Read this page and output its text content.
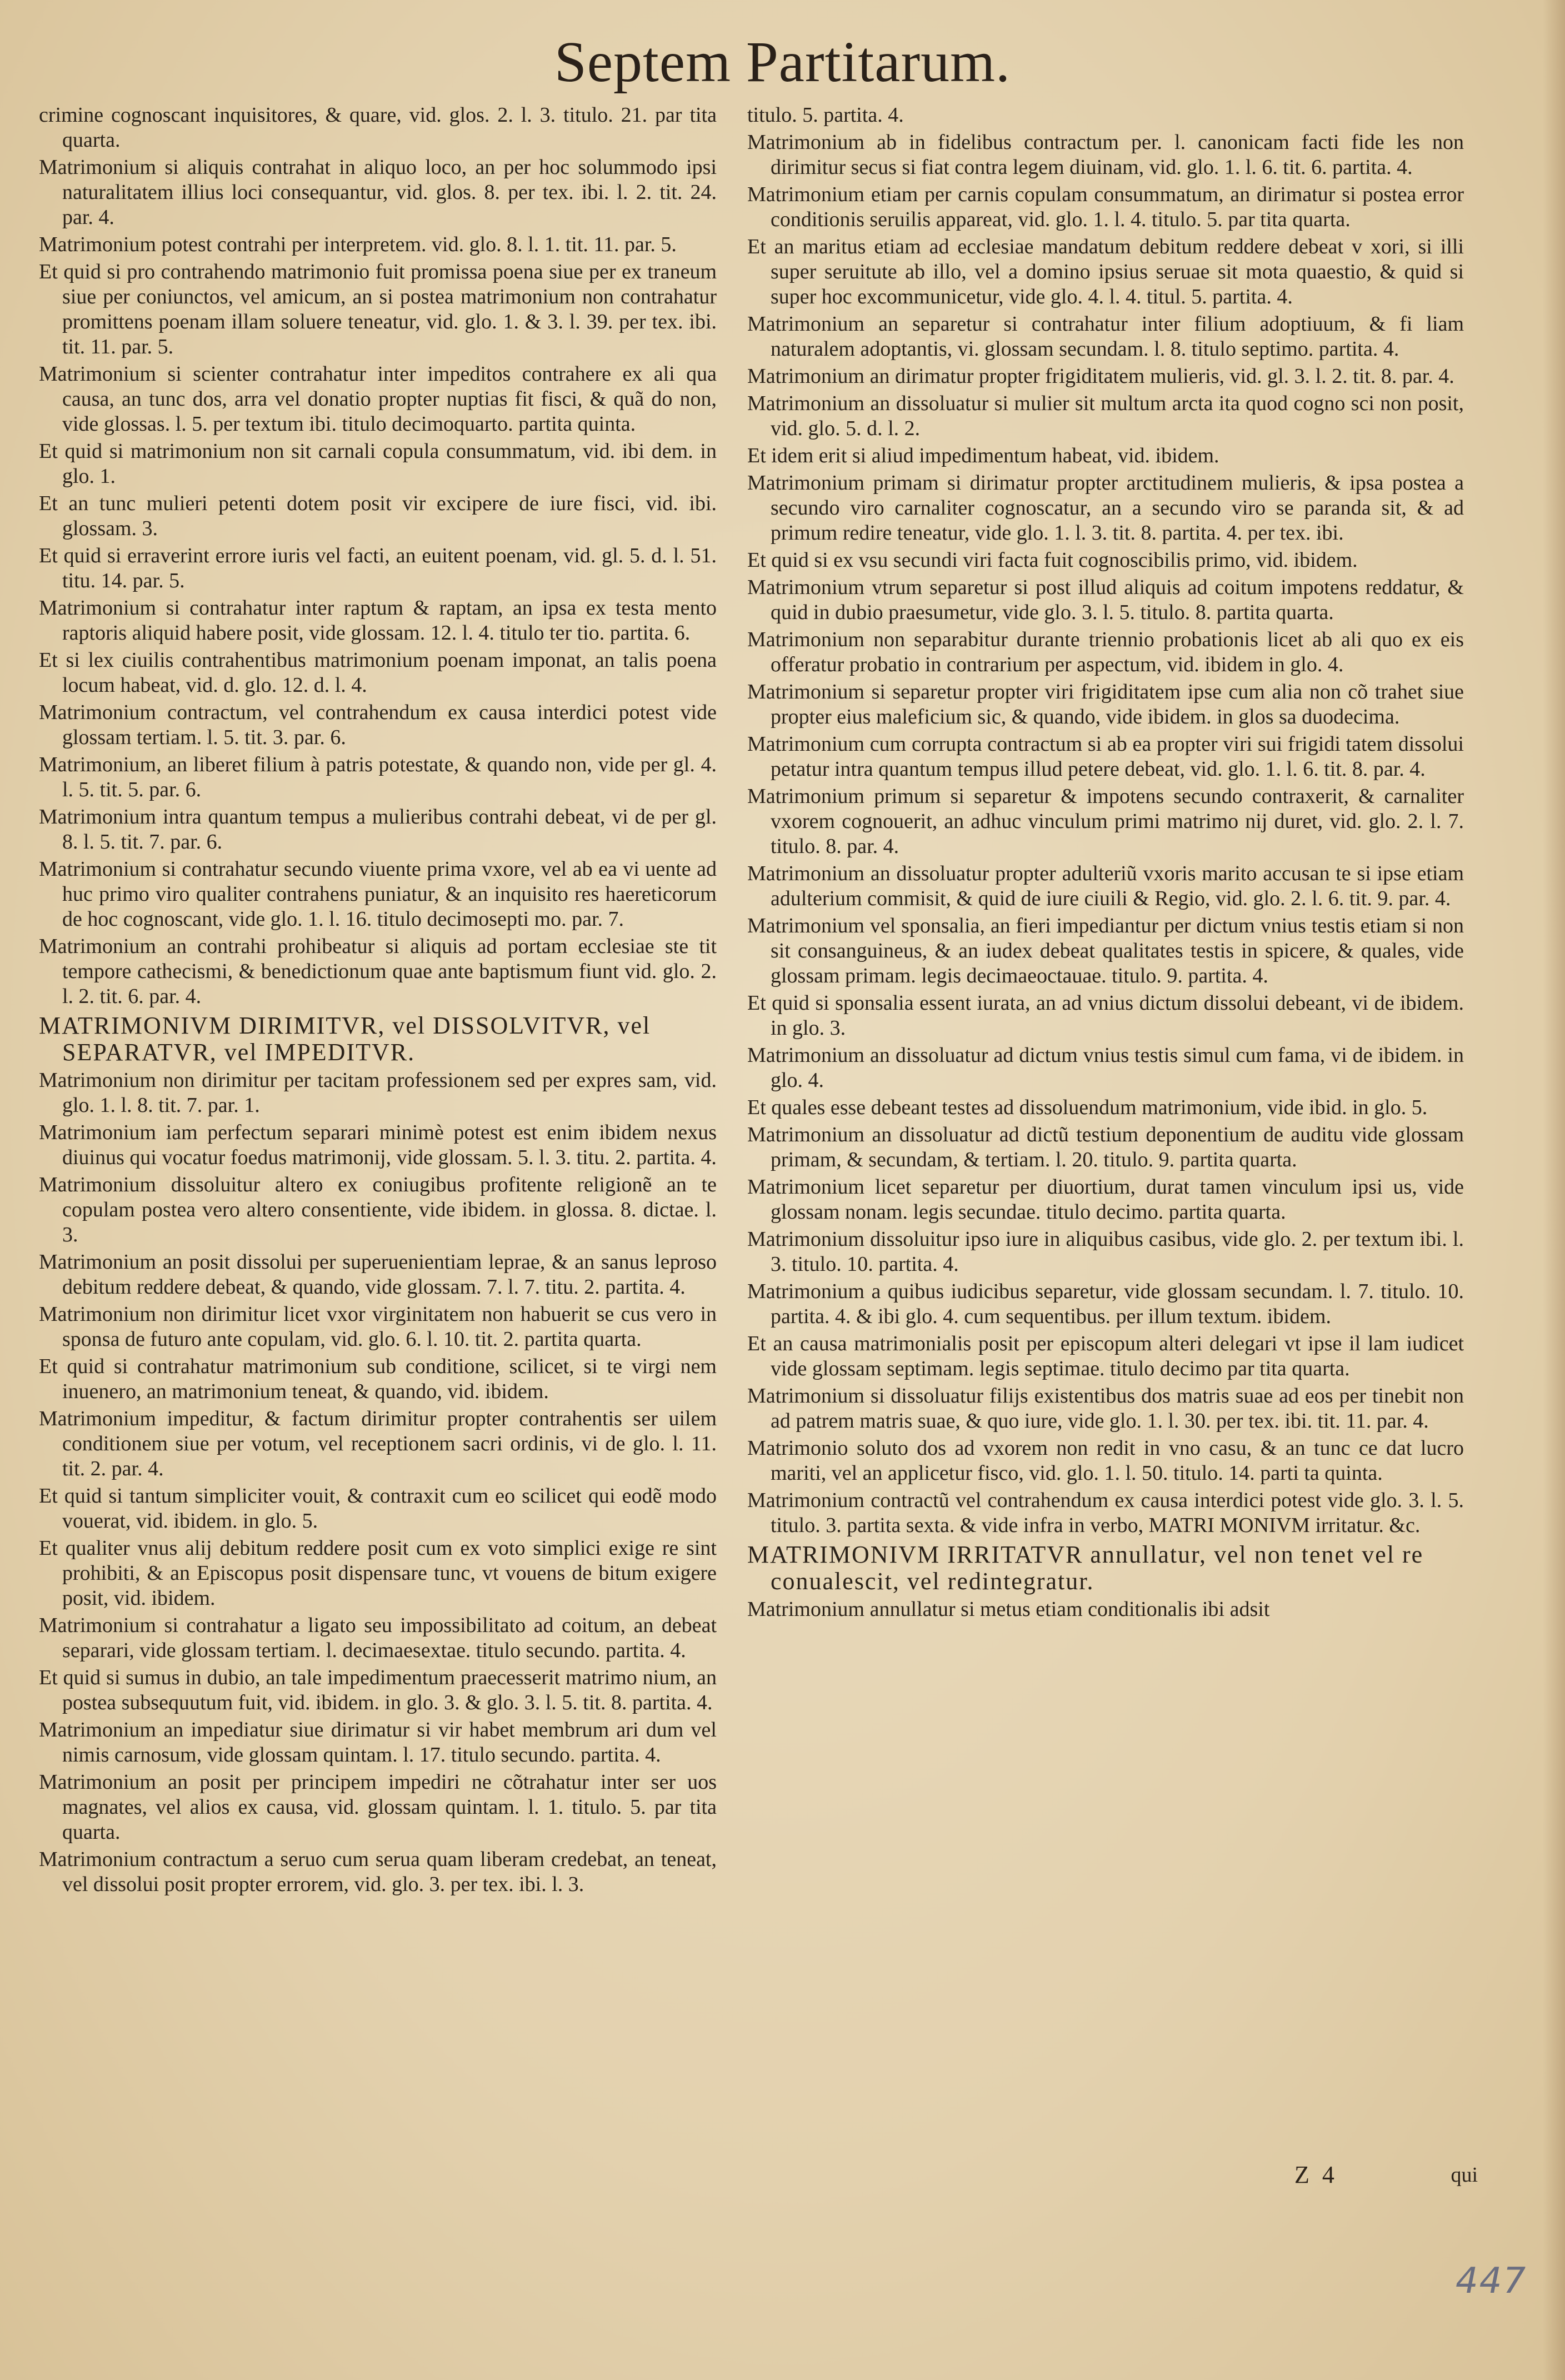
Septem Partitarum.

crimine cognoscant inquisitores, & quare, vid. glos. 2. l. 3. titulo. 21. par tita quarta.

Matrimonium si aliquis contrahat in aliquo loco, an per hoc solummodo ipsi naturalitatem illius loci consequantur, vid. glos. 8. per tex. ibi. l. 2. tit. 24. par. 4.

Matrimonium potest contrahi per interpretem. vid. glo. 8. l. 1. tit. 11. par. 5.

Et quid si pro contrahendo matrimonio fuit promissa poena siue per ex traneum siue per coniunctos, vel amicum, an si postea matrimonium non contrahatur promittens poenam illam soluere teneatur, vid. glo. 1. & 3. l. 39. per tex. ibi. tit. 11. par. 5.

Matrimonium si scienter contrahatur inter impeditos contrahere ex ali qua causa, an tunc dos, arra vel donatio propter nuptias fit fisci, & quã do non, vide glossas. l. 5. per textum ibi. titulo decimoquarto. partita quinta.

Et quid si matrimonium non sit carnali copula consummatum, vid. ibi dem. in glo. 1.

Et an tunc mulieri petenti dotem posit vir excipere de iure fisci, vid. ibi. glossam. 3.

Et quid si erraverint errore iuris vel facti, an euitent poenam, vid. gl. 5. d. l. 51. titu. 14. par. 5.

Matrimonium si contrahatur inter raptum & raptam, an ipsa ex testa mento raptoris aliquid habere posit, vide glossam. 12. l. 4. titulo ter tio. partita. 6.

Et si lex ciuilis contrahentibus matrimonium poenam imponat, an talis poena locum habeat, vid. d. glo. 12. d. l. 4.

Matrimonium contractum, vel contrahendum ex causa interdici potest vide glossam tertiam. l. 5. tit. 3. par. 6.

Matrimonium, an liberet filium à patris potestate, & quando non, vide per gl. 4. l. 5. tit. 5. par. 6.

Matrimonium intra quantum tempus a mulieribus contrahi debeat, vi de per gl. 8. l. 5. tit. 7. par. 6.

Matrimonium si contrahatur secundo viuente prima vxore, vel ab ea vi uente ad huc primo viro qualiter contrahens puniatur, & an inquisito res haereticorum de hoc cognoscant, vide glo. 1. l. 16. titulo decimosepti mo. par. 7.

Matrimonium an contrahi prohibeatur si aliquis ad portam ecclesiae ste tit tempore cathecismi, & benedictionum quae ante baptismum fiunt vid. glo. 2. l. 2. tit. 6. par. 4.

MATRIMONIVM DIRIMITVR, vel DISSOLVITVR, vel SEPARATVR, vel IMPEDITVR.

Matrimonium non dirimitur per tacitam professionem sed per expres sam, vid. glo. 1. l. 8. tit. 7. par. 1.

Matrimonium iam perfectum separari minimè potest est enim ibidem nexus diuinus qui vocatur foedus matrimonij, vide glossam. 5. l. 3. titu. 2. partita. 4.

Matrimonium dissoluitur altero ex coniugibus profitente religionẽ an te copulam postea vero altero consentiente, vide ibidem. in glossa. 8. dictae. l. 3.

Matrimonium an posit dissolui per superuenientiam leprae, & an sanus leproso debitum reddere debeat, & quando, vide glossam. 7. l. 7. titu. 2. partita. 4.

Matrimonium non dirimitur licet vxor virginitatem non habuerit se cus vero in sponsa de futuro ante copulam, vid. glo. 6. l. 10. tit. 2. partita quarta.

Et quid si contrahatur matrimonium sub conditione, scilicet, si te virgi nem inuenero, an matrimonium teneat, & quando, vid. ibidem.

Matrimonium impeditur, & factum dirimitur propter contrahentis ser uilem conditionem siue per votum, vel receptionem sacri ordinis, vi de glo. l. 11. tit. 2. par. 4.

Et quid si tantum simpliciter vouit, & contraxit cum eo scilicet qui eodẽ modo vouerat, vid. ibidem. in glo. 5.

Et qualiter vnus alij debitum reddere posit cum ex voto simplici exige re sint prohibiti, & an Episcopus posit dispensare tunc, vt vouens de bitum exigere posit, vid. ibidem.

Matrimonium si contrahatur a ligato seu impossibilitato ad coitum, an debeat separari, vide glossam tertiam. l. decimaesextae. titulo secundo. partita. 4.

Et quid si sumus in dubio, an tale impedimentum praecesserit matrimo nium, an postea subsequutum fuit, vid. ibidem. in glo. 3. & glo. 3. l. 5. tit. 8. partita. 4.

Matrimonium an impediatur siue dirimatur si vir habet membrum ari dum vel nimis carnosum, vide glossam quintam. l. 17. titulo secundo. partita. 4.

Matrimonium an posit per principem impediri ne cõtrahatur inter ser uos magnates, vel alios ex causa, vid. glossam quintam. l. 1. titulo. 5. par tita quarta.

Matrimonium contractum a seruo cum serua quam liberam credebat, an teneat, vel dissolui posit propter errorem, vid. glo. 3. per tex. ibi. l. 3.

titulo. 5. partita. 4.

Matrimonium ab in fidelibus contractum per. l. canonicam facti fide les non dirimitur secus si fiat contra legem diuinam, vid. glo. 1. l. 6. tit. 6. partita. 4.

Matrimonium etiam per carnis copulam consummatum, an dirimatur si postea error conditionis seruilis appareat, vid. glo. 1. l. 4. titulo. 5. par tita quarta.

Et an maritus etiam ad ecclesiae mandatum debitum reddere debeat v xori, si illi super seruitute ab illo, vel a domino ipsius seruae sit mota quaestio, & quid si super hoc excommunicetur, vide glo. 4. l. 4. titul. 5. partita. 4.

Matrimonium an separetur si contrahatur inter filium adoptiuum, & fi liam naturalem adoptantis, vi. glossam secundam. l. 8. titulo septimo. partita. 4.

Matrimonium an dirimatur propter frigiditatem mulieris, vid. gl. 3. l. 2. tit. 8. par. 4.

Matrimonium an dissoluatur si mulier sit multum arcta ita quod cogno sci non posit, vid. glo. 5. d. l. 2.

Et idem erit si aliud impedimentum habeat, vid. ibidem.

Matrimonium primam si dirimatur propter arctitudinem mulieris, & ipsa postea a secundo viro carnaliter cognoscatur, an a secundo viro se paranda sit, & ad primum redire teneatur, vide glo. 1. l. 3. tit. 8. partita. 4. per tex. ibi.

Et quid si ex vsu secundi viri facta fuit cognoscibilis primo, vid. ibidem.

Matrimonium vtrum separetur si post illud aliquis ad coitum impotens reddatur, & quid in dubio praesumetur, vide glo. 3. l. 5. titulo. 8. partita quarta.

Matrimonium non separabitur durante triennio probationis licet ab ali quo ex eis offeratur probatio in contrarium per aspectum, vid. ibidem in glo. 4.

Matrimonium si separetur propter viri frigiditatem ipse cum alia non cõ trahet siue propter eius maleficium sic, & quando, vide ibidem. in glos sa duodecima.

Matrimonium cum corrupta contractum si ab ea propter viri sui frigidi tatem dissolui petatur intra quantum tempus illud petere debeat, vid. glo. 1. l. 6. tit. 8. par. 4.

Matrimonium primum si separetur & impotens secundo contraxerit, & carnaliter vxorem cognouerit, an adhuc vinculum primi matrimo nij duret, vid. glo. 2. l. 7. titulo. 8. par. 4.

Matrimonium an dissoluatur propter adulteriũ vxoris marito accusan te si ipse etiam adulterium commisit, & quid de iure ciuili & Regio, vid. glo. 2. l. 6. tit. 9. par. 4.

Matrimonium vel sponsalia, an fieri impediantur per dictum vnius testis etiam si non sit consanguineus, & an iudex debeat qualitates testis in spicere, & quales, vide glossam primam. legis decimaeoctauae. titulo. 9. partita. 4.

Et quid si sponsalia essent iurata, an ad vnius dictum dissolui debeant, vi de ibidem. in glo. 3.

Matrimonium an dissoluatur ad dictum vnius testis simul cum fama, vi de ibidem. in glo. 4.

Et quales esse debeant testes ad dissoluendum matrimonium, vide ibid. in glo. 5.

Matrimonium an dissoluatur ad dictũ testium deponentium de auditu vide glossam primam, & secundam, & tertiam. l. 20. titulo. 9. partita quarta.

Matrimonium licet separetur per diuortium, durat tamen vinculum ipsi us, vide glossam nonam. legis secundae. titulo decimo. partita quarta.

Matrimonium dissoluitur ipso iure in aliquibus casibus, vide glo. 2. per textum ibi. l. 3. titulo. 10. partita. 4.

Matrimonium a quibus iudicibus separetur, vide glossam secundam. l. 7. titulo. 10. partita. 4. & ibi glo. 4. cum sequentibus. per illum textum. ibidem.

Et an causa matrimonialis posit per episcopum alteri delegari vt ipse il lam iudicet vide glossam septimam. legis septimae. titulo decimo par tita quarta.

Matrimonium si dissoluatur filijs existentibus dos matris suae ad eos per tinebit non ad patrem matris suae, & quo iure, vide glo. 1. l. 30. per tex. ibi. tit. 11. par. 4.

Matrimonio soluto dos ad vxorem non redit in vno casu, & an tunc ce dat lucro mariti, vel an applicetur fisco, vid. glo. 1. l. 50. titulo. 14. parti ta quinta.

Matrimonium contractũ vel contrahendum ex causa interdici potest vide glo. 3. l. 5. titulo. 3. partita sexta. & vide infra in verbo, MATRI MONIVM irritatur. &c.

MATRIMONIVM IRRITATVR annullatur, vel non tenet vel re conualescit, vel redintegratur.

Matrimonium annullatur si metus etiam conditionalis ibi adsit

Z 4	qui
447
